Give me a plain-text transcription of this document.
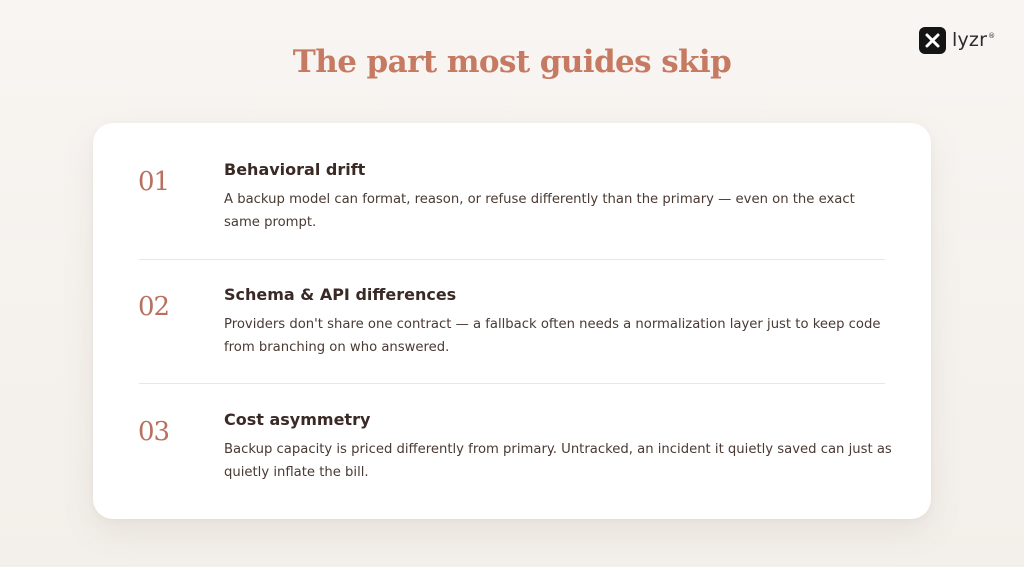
lyzr®
The part most guides skip
01	Behavioral drift

A backup model can format, reason, or refuse differently than the primary — even on the exact same prompt.

02	Schema & API differences

Providers don't share one contract — a fallback often needs a normalization layer just to keep code from branching on who answered.

03	Cost asymmetry

Backup capacity is priced differently from primary. Untracked, an incident it quietly saved can just as quietly inflate the bill.
